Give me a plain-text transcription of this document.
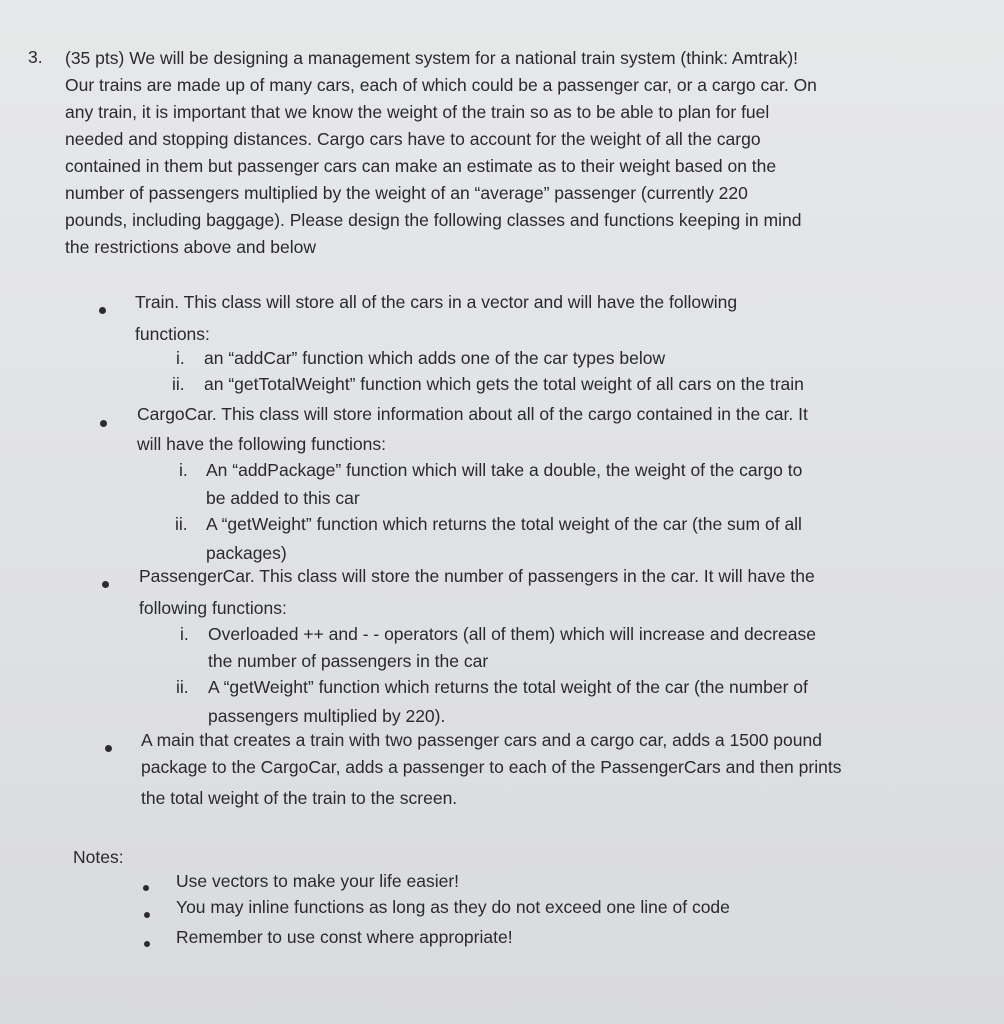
3. (35 pts) We will be designing a management system for a national train system (think: Amtrak)!
Our trains are made up of many cars, each of which could be a passenger car, or a cargo car. On
any train, it is important that we know the weight of the train so as to be able to plan for fuel
needed and stopping distances. Cargo cars have to account for the weight of all the cargo
contained in them but passenger cars can make an estimate as to their weight based on the
number of passengers multiplied by the weight of an “average” passenger (currently 220
pounds, including baggage). Please design the following classes and functions keeping in mind
the restrictions above and below
Train. This class will store all of the cars in a vector and will have the following
functions:
i. an “addCar” function which adds one of the car types below
ii. an “getTotalWeight” function which gets the total weight of all cars on the train
CargoCar. This class will store information about all of the cargo contained in the car. It
will have the following functions:
i. An “addPackage” function which will take a double, the weight of the cargo to
be added to this car
ii. A “getWeight” function which returns the total weight of the car (the sum of all
packages)
PassengerCar. This class will store the number of passengers in the car. It will have the
following functions:
i. Overloaded ++ and - - operators (all of them) which will increase and decrease
the number of passengers in the car
ii. A “getWeight” function which returns the total weight of the car (the number of
passengers multiplied by 220).
A main that creates a train with two passenger cars and a cargo car, adds a 1500 pound
package to the CargoCar, adds a passenger to each of the PassengerCars and then prints
the total weight of the train to the screen.
Notes:
Use vectors to make your life easier!
You may inline functions as long as they do not exceed one line of code
Remember to use const where appropriate!
